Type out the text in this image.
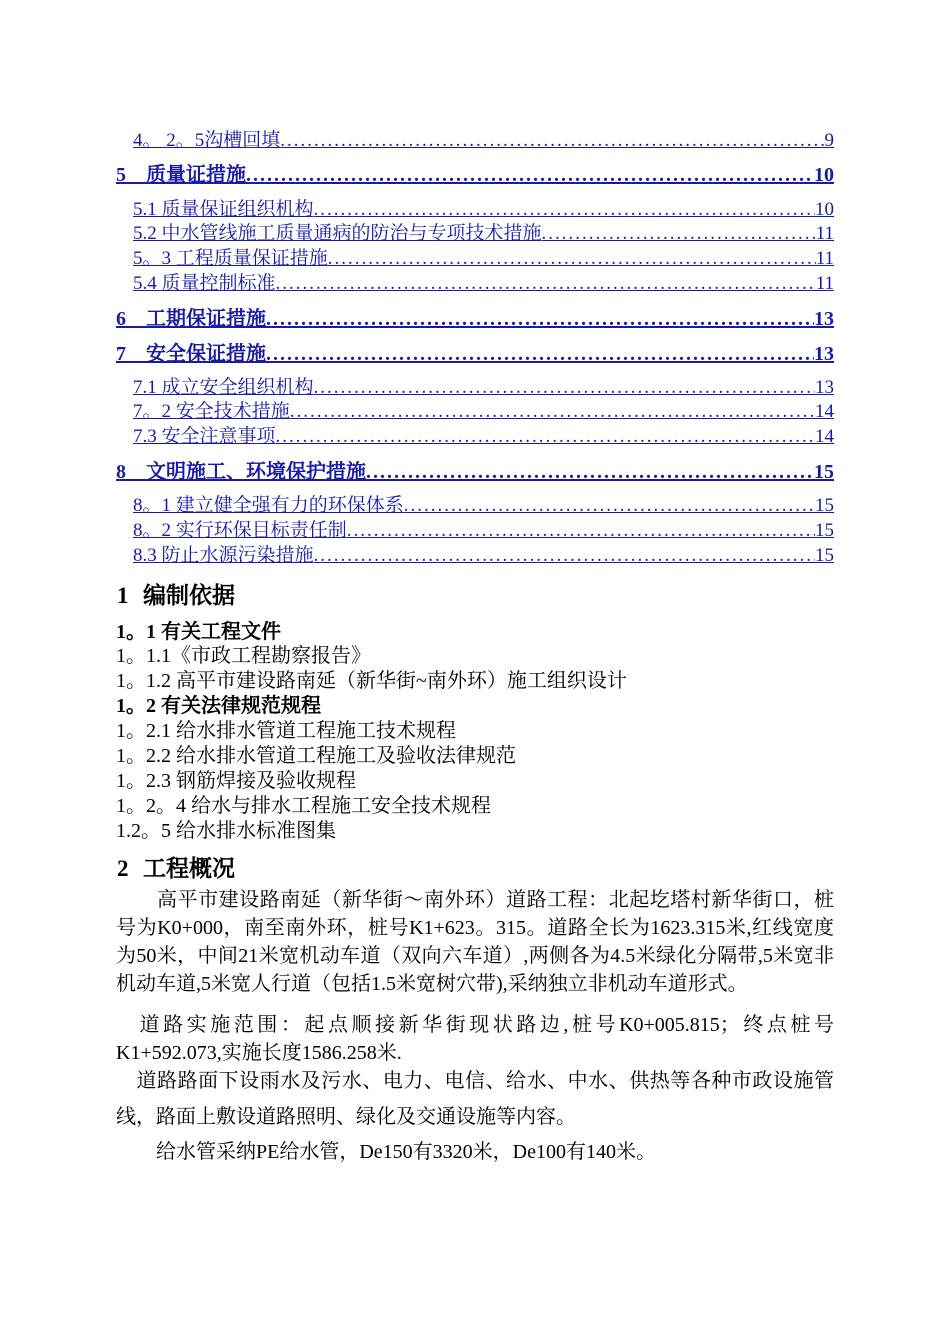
4。 2。5沟槽回填 .....	9
5　质量证措施 .....	10
5.1 质量保证组织机构 .....	10
5.2 中水管线施工质量通病的防治与专项技术措施 .....	11
5。3 工程质量保证措施 .....	11
5.4 质量控制标准 .....	11
6　工期保证措施 .....	13
7　安全保证措施 .....	13
7.1 成立安全组织机构 .....	13
7。2 安全技术措施 .....	14
7.3 安全注意事项 .....	14
8　文明施工、环境保护措施 .....	15
8。1 建立健全强有力的环保体系 .....	15
8。2 实行环保目标责任制 .....	15
8.3 防止水源污染措施 .....	15
1 编制依据
1。1 有关工程文件
1。1.1《市政工程勘察报告》
1。1.2 高平市建设路南延（新华街~南外环）施工组织设计
1。2 有关法律规范规程
1。2.1 给水排水管道工程施工技术规程
1。2.2 给水排水管道工程施工及验收法律规范
1。2.3 钢筋焊接及验收规程
1。2。4 给水与排水工程施工安全技术规程
1.2。5 给水排水标准图集
2 工程概况

　　高平市建设路南延（新华街～南外环）道路工程：北起圪塔村新华街口，桩号为K0+000，南至南外环，桩号K1+623。315。道路全长为1623.315米,红线宽度为50米，中间21米宽机动车道（双向六车道）,两侧各为4.5米绿化分隔带,5米宽非机动车道,5米宽人行道（包括1.5米宽树穴带),采纳独立非机动车道形式。

　道路实施范围：起点顺接新华街现状路边,桩号K0+005.815；终点桩号K1+592.073,实施长度1586.258米.

　道路路面下设雨水及污水、电力、电信、给水、中水、供热等各种市政设施管线，路面上敷设道路照明、绿化及交通设施等内容。

　　给水管采纳PE给水管，De150有3320米，De100有140米。
